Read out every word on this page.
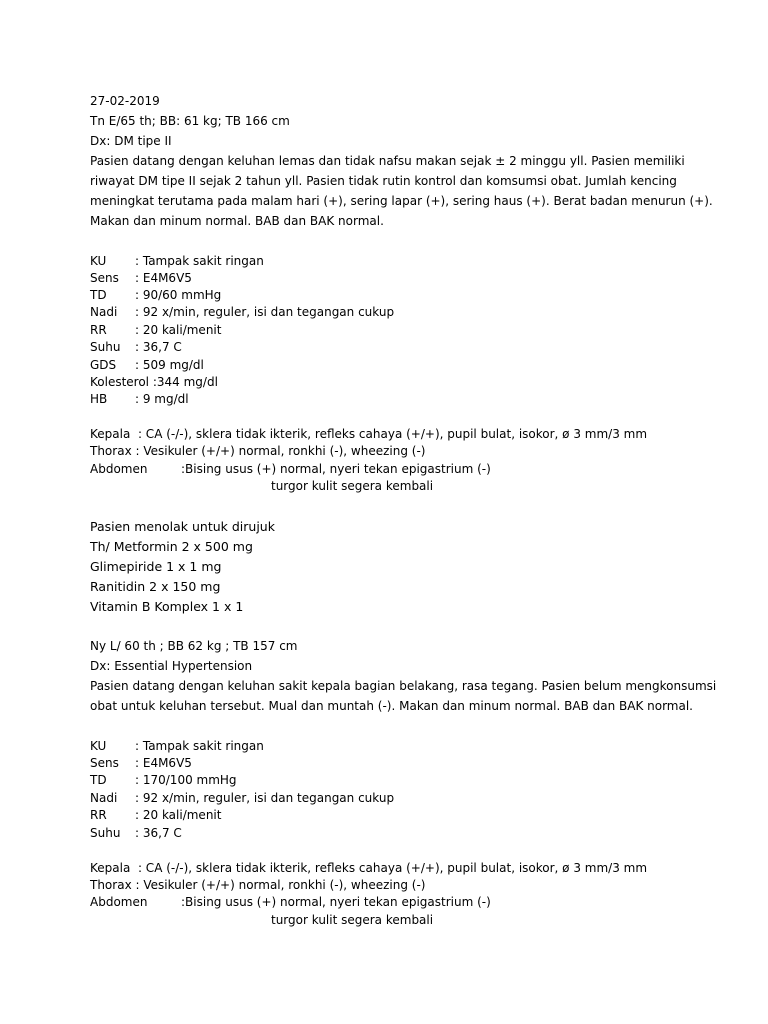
27-02-2019
Tn E/65 th; BB: 61 kg; TB 166 cm
Dx: DM tipe II
Pasien datang dengan keluhan lemas dan tidak nafsu makan sejak ± 2 minggu yll. Pasien memiliki
riwayat DM tipe II sejak 2 tahun yll. Pasien tidak rutin kontrol dan komsumsi obat. Jumlah kencing
meningkat terutama pada malam hari (+), sering lapar (+), sering haus (+). Berat badan menurun (+).
Makan dan minum normal. BAB dan BAK normal.
KU : Tampak sakit ringan
Sens : E4M6V5
TD : 90/60 mmHg
Nadi : 92 x/min, reguler, isi dan tegangan cukup
RR : 20 kali/menit
Suhu : 36,7 C
GDS : 509 mg/dl
Kolesterol :344 mg/dl
HB : 9 mg/dl
Kepala : CA (-/-), sklera tidak ikterik, refleks cahaya (+/+), pupil bulat, isokor, ø 3 mm/3 mm
Thorax : Vesikuler (+/+) normal, ronkhi (-), wheezing (-)
Abdomen	:Bising usus (+) normal, nyeri tekan epigastrium (-)
turgor kulit segera kembali
Pasien menolak untuk dirujuk
Th/ Metformin 2 x 500 mg
Glimepiride 1 x 1 mg
Ranitidin 2 x 150 mg
Vitamin B Komplex 1 x 1
Ny L/ 60 th ; BB 62 kg ; TB 157 cm
Dx: Essential Hypertension
Pasien datang dengan keluhan sakit kepala bagian belakang, rasa tegang. Pasien belum mengkonsumsi
obat untuk keluhan tersebut. Mual dan muntah (-). Makan dan minum normal. BAB dan BAK normal.
KU : Tampak sakit ringan
Sens : E4M6V5
TD : 170/100 mmHg
Nadi : 92 x/min, reguler, isi dan tegangan cukup
RR : 20 kali/menit
Suhu : 36,7 C
Kepala : CA (-/-), sklera tidak ikterik, refleks cahaya (+/+), pupil bulat, isokor, ø 3 mm/3 mm
Thorax : Vesikuler (+/+) normal, ronkhi (-), wheezing (-)
Abdomen	:Bising usus (+) normal, nyeri tekan epigastrium (-)
turgor kulit segera kembali
